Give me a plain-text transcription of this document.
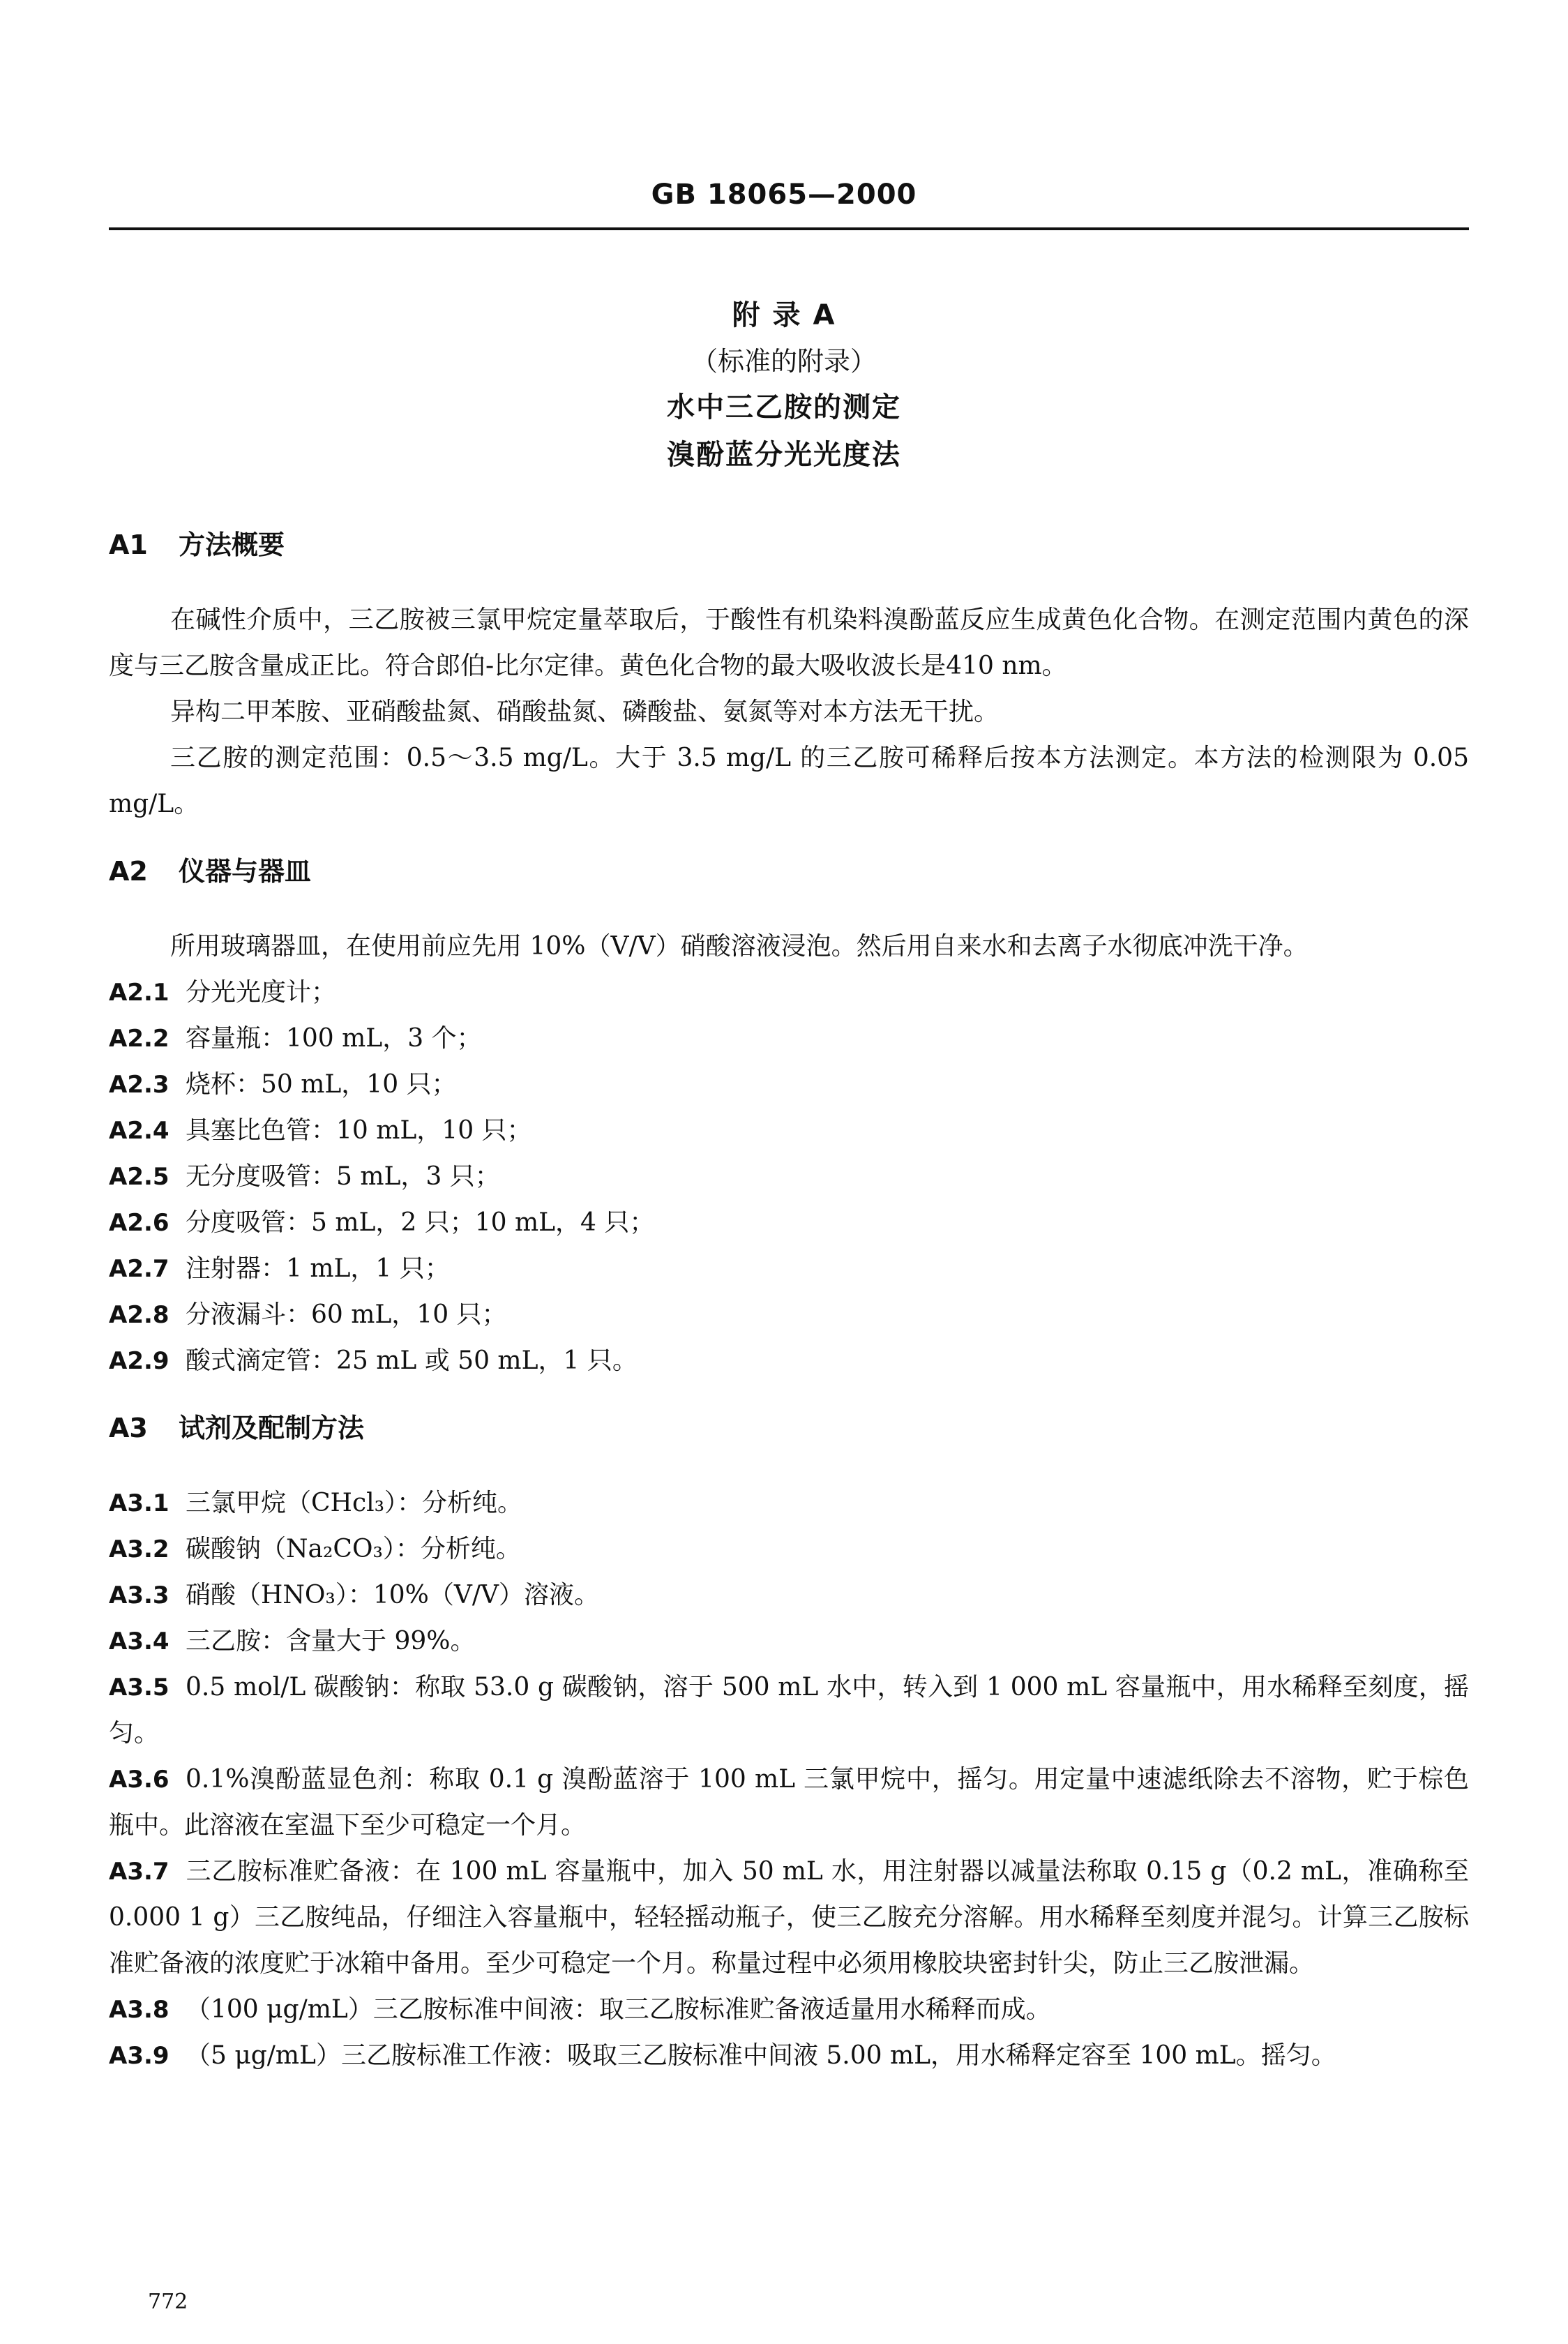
GB 18065—2000
附 录 A
（标准的附录）
水中三乙胺的测定
溴酚蓝分光光度法
A1	方法概要

在碱性介质中，三乙胺被三氯甲烷定量萃取后，于酸性有机染料溴酚蓝反应生成黄色化合物。在测定范围内黄色的深度与三乙胺含量成正比。符合郎伯-比尔定律。黄色化合物的最大吸收波长是410 nm。

异构二甲苯胺、亚硝酸盐氮、硝酸盐氮、磷酸盐、氨氮等对本方法无干扰。

三乙胺的测定范围：0.5～3.5 mg/L。大于 3.5 mg/L 的三乙胺可稀释后按本方法测定。本方法的检测限为 0.05 mg/L。

A2	仪器与器皿

所用玻璃器皿，在使用前应先用 10%（V/V）硝酸溶液浸泡。然后用自来水和去离子水彻底冲洗干净。

A2.1 分光光度计；
A2.2 容量瓶：100 mL，3 个；
A2.3 烧杯：50 mL，10 只；
A2.4 具塞比色管：10 mL，10 只；
A2.5 无分度吸管：5 mL，3 只；
A2.6 分度吸管：5 mL，2 只；10 mL，4 只；
A2.7 注射器：1 mL，1 只；
A2.8 分液漏斗：60 mL，10 只；
A2.9 酸式滴定管：25 mL 或 50 mL，1 只。
A3	试剂及配制方法
A3.1 三氯甲烷（CHcl₃）：分析纯。
A3.2 碳酸钠（Na₂CO₃）：分析纯。
A3.3 硝酸（HNO₃）：10%（V/V）溶液。
A3.4 三乙胺：含量大于 99%。
A3.5 0.5 mol/L 碳酸钠：称取 53.0 g 碳酸钠，溶于 500 mL 水中，转入到 1 000 mL 容量瓶中，用水稀释至刻度，摇匀。
A3.6 0.1%溴酚蓝显色剂：称取 0.1 g 溴酚蓝溶于 100 mL 三氯甲烷中，摇匀。用定量中速滤纸除去不溶物，贮于棕色瓶中。此溶液在室温下至少可稳定一个月。
A3.7 三乙胺标准贮备液：在 100 mL 容量瓶中，加入 50 mL 水，用注射器以减量法称取 0.15 g（0.2 mL，准确称至 0.000 1 g）三乙胺纯品，仔细注入容量瓶中，轻轻摇动瓶子，使三乙胺充分溶解。用水稀释至刻度并混匀。计算三乙胺标准贮备液的浓度贮于冰箱中备用。至少可稳定一个月。称量过程中必须用橡胶块密封针尖，防止三乙胺泄漏。
A3.8 （100 μg/mL）三乙胺标准中间液：取三乙胺标准贮备液适量用水稀释而成。
A3.9 （5 μg/mL）三乙胺标准工作液：吸取三乙胺标准中间液 5.00 mL，用水稀释定容至 100 mL。摇匀。
772
